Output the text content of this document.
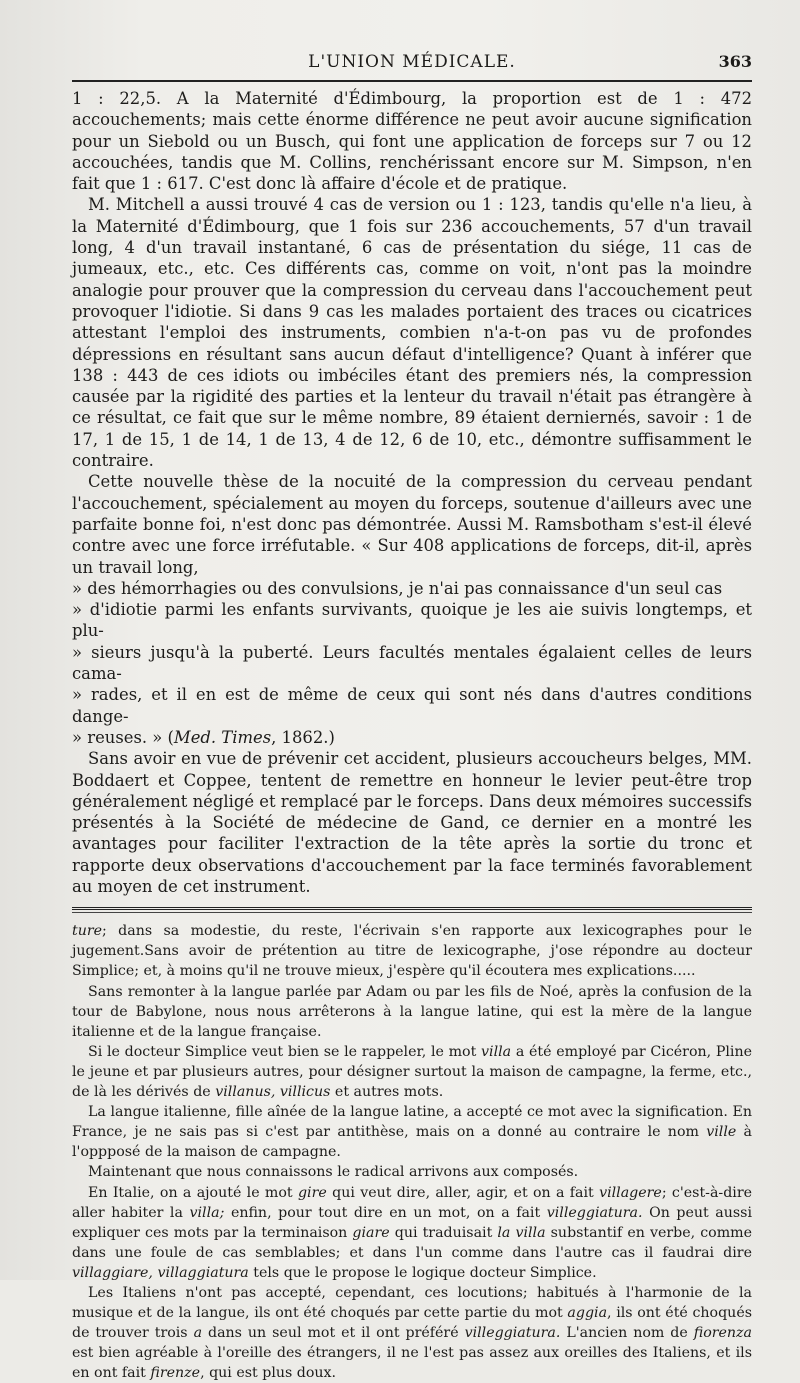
L'UNION MÉDICALE.	363

1 : 22,5. A la Maternité d'Édimbourg, la proportion est de 1 : 472 accouchements; mais cette énorme différence ne peut avoir aucune signification pour un Siebold ou un Busch, qui font une application de forceps sur 7 ou 12 accouchées, tandis que M. Collins, renchérissant encore sur M. Simpson, n'en fait que 1 : 617. C'est donc là affaire d'école et de pratique.

M. Mitchell a aussi trouvé 4 cas de version ou 1 : 123, tandis qu'elle n'a lieu, à la Maternité d'Édimbourg, que 1 fois sur 236 accouchements, 57 d'un travail long, 4 d'un travail instantané, 6 cas de présentation du siége, 11 cas de jumeaux, etc., etc. Ces différents cas, comme on voit, n'ont pas la moindre analogie pour prouver que la compression du cerveau dans l'accouchement peut provoquer l'idiotie. Si dans 9 cas les malades portaient des traces ou cicatrices attestant l'emploi des instruments, combien n'a-t-on pas vu de profondes dépressions en résultant sans aucun défaut d'intelligence? Quant à inférer que 138 : 443 de ces idiots ou imbéciles étant des premiers nés, la compression causée par la rigidité des parties et la lenteur du travail n'était pas étrangère à ce résultat, ce fait que sur le même nombre, 89 étaient derniernés, savoir : 1 de 17, 1 de 15, 1 de 14, 1 de 13, 4 de 12, 6 de 10, etc., démontre suffisamment le contraire.

Cette nouvelle thèse de la nocuité de la compression du cerveau pendant l'accouchement, spécialement au moyen du forceps, soutenue d'ailleurs avec une parfaite bonne foi, n'est donc pas démontrée. Aussi M. Ramsbotham s'est-il élevé contre avec une force irréfutable. « Sur 408 applications de forceps, dit-il, après un travail long,

» des hémorrhagies ou des convulsions, je n'ai pas connaissance d'un seul cas

» d'idiotie parmi les enfants survivants, quoique je les aie suivis longtemps, et plu-

» sieurs jusqu'à la puberté. Leurs facultés mentales égalaient celles de leurs cama-

» rades, et il en est de même de ceux qui sont nés dans d'autres conditions dange-

» reuses. » (Med. Times, 1862.)

Sans avoir en vue de prévenir cet accident, plusieurs accoucheurs belges, MM. Boddaert et Coppee, tentent de remettre en honneur le levier peut-être trop généralement négligé et remplacé par le forceps. Dans deux mémoires successifs présentés à la Société de médecine de Gand, ce dernier en a montré les avantages pour faciliter l'extraction de la tête après la sortie du tronc et rapporte deux observations d'accouchement par la face terminés favorablement au moyen de cet instrument.

ture; dans sa modestie, du reste, l'écrivain s'en rapporte aux lexicographes pour le jugement.Sans avoir de prétention au titre de lexicographe, j'ose répondre au docteur Simplice; et, à moins qu'il ne trouve mieux, j'espère qu'il écoutera mes explications.....

Sans remonter à la langue parlée par Adam ou par les fils de Noé, après la confusion de la tour de Babylone, nous nous arrêterons à la langue latine, qui est la mère de la langue italienne et de la langue française.

Si le docteur Simplice veut bien se le rappeler, le mot villa a été employé par Cicéron, Pline le jeune et par plusieurs autres, pour désigner surtout la maison de campagne, la ferme, etc., de là les dérivés de villanus, villicus et autres mots.

La langue italienne, fille aînée de la langue latine, a accepté ce mot avec la signification. En France, je ne sais pas si c'est par antithèse, mais on a donné au contraire le nom ville à l'oppposé de la maison de campagne.

Maintenant que nous connaissons le radical arrivons aux composés.

En Italie, on a ajouté le mot gire qui veut dire, aller, agir, et on a fait villagere; c'est-à-dire aller habiter la villa; enfin, pour tout dire en un mot, on a fait villeggiatura. On peut aussi expliquer ces mots par la terminaison giare qui traduisait la villa substantif en verbe, comme dans une foule de cas semblables; et dans l'un comme dans l'autre cas il faudrai dire villaggiare, villaggiatura tels que le propose le logique docteur Simplice.

Les Italiens n'ont pas accepté, cependant, ces locutions; habitués à l'harmonie de la musique et de la langue, ils ont été choqués par cette partie du mot aggia, ils ont été choqués de trouver trois a dans un seul mot et il ont préféré villeggiatura. L'ancien nom de fiorenza est bien agréable à l'oreille des étrangers, il ne l'est pas assez aux oreilles des Italiens, et ils en ont fait firenze, qui est plus doux.
